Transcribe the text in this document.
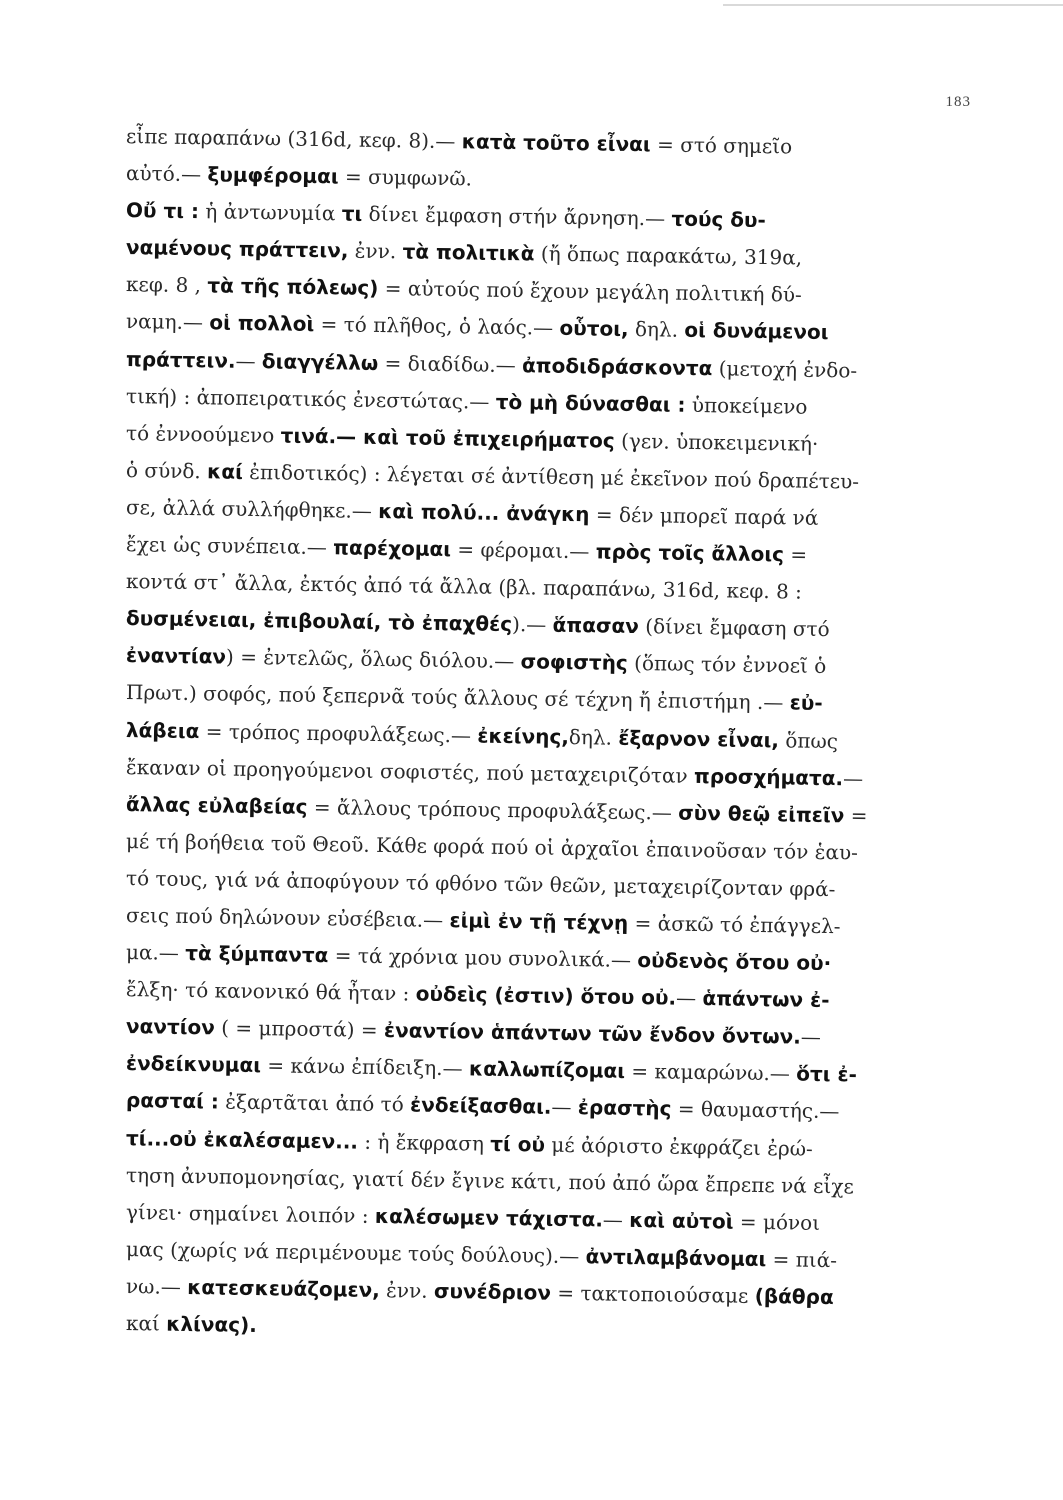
183
εἶπε παραπάνω (316d, κεφ. 8).— κατὰ τοῦτο εἶναι = στό σημεῖο
αὐτό.— ξυμφέρομαι = συμφωνῶ.
Οὔ τι : ἡ ἀντωνυμία τι δίνει ἔμφαση στήν ἄρνηση.— τούς δυ-
ναμένους πράττειν, ἐνν. τὰ πολιτικὰ (ἤ ὅπως παρακάτω, 319α,
κεφ. 8 , τὰ τῆς πόλεως) = αὐτούς πού ἔχουν μεγάλη πολιτική δύ-
ναμη.— οἱ πολλοὶ = τό πλῆθος, ὁ λαός.— οὗτοι, δηλ. οἱ δυνάμενοι
πράττειν.— διαγγέλλω = διαδίδω.— ἀποδιδράσκοντα (μετοχή ἐνδο-
τική) : ἀποπειρατικός ἐνεστώτας.— τὸ μὴ δύνασθαι : ὑποκείμενο
τό ἐννοούμενο τινά.— καὶ τοῦ ἐπιχειρήματος (γεν. ὑποκειμενική·
ὁ σύνδ. καί ἐπιδοτικός) : λέγεται σέ ἀντίθεση μέ ἐκεῖνον πού δραπέτευ-
σε, ἀλλά συλλήφθηκε.— καὶ πολύ... ἀνάγκη = δέν μπορεῖ παρά νά
ἔχει ὡς συνέπεια.— παρέχομαι = φέρομαι.— πρὸς τοῖς ἄλλοις =
κοντά στ᾽ ἄλλα, ἐκτός ἀπό τά ἄλλα (βλ. παραπάνω, 316d, κεφ. 8 :
δυσμένειαι, ἐπιβουλαί, τὸ ἐπαχθές).— ἅπασαν (δίνει ἔμφαση στό
ἐναντίαν) = ἐντελῶς, ὅλως διόλου.— σοφιστὴς (ὅπως τόν ἐννοεῖ ὁ
Πρωτ.) σοφός, πού ξεπερνᾶ τούς ἄλλους σέ τέχνη ἤ ἐπιστήμη .— εὐ-
λάβεια = τρόπος προφυλάξεως.— ἐκείνης,δηλ. ἔξαρνον εἶναι, ὅπως
ἔκαναν οἱ προηγούμενοι σοφιστές, πού μεταχειριζόταν προσχήματα.—
ἄλλας εὐλαβείας = ἄλλους τρόπους προφυλάξεως.— σὺν θεῷ εἰπεῖν =
μέ τή βοήθεια τοῦ Θεοῦ. Κάθε φορά πού οἱ ἀρχαῖοι ἐπαινοῦσαν τόν ἑαυ-
τό τους, γιά νά ἀποφύγουν τό φθόνο τῶν θεῶν, μεταχειρίζονταν φρά-
σεις πού δηλώνουν εὐσέβεια.— εἰμὶ ἐν τῇ τέχνῃ = ἀσκῶ τό ἐπάγγελ-
μα.— τὰ ξύμπαντα = τά χρόνια μου συνολικά.— οὐδενὸς ὅτου οὐ·
ἔλξη· τό κανονικό θά ἦταν : οὐδεὶς (ἐστιν) ὅτου οὐ.— ἁπάντων ἐ-
ναντίον ( = μπροστά) = ἐναντίον ἁπάντων τῶν ἔνδον ὄντων.—
ἐνδείκνυμαι = κάνω ἐπίδειξη.— καλλωπίζομαι = καμαρώνω.— ὅτι ἐ-
ρασταί : ἐξαρτᾶται ἀπό τό ἐνδείξασθαι.— ἐραστὴς = θαυμαστής.—
τί...οὐ ἐκαλέσαμεν... : ἡ ἔκφραση τί οὐ μέ ἀόριστο ἐκφράζει ἐρώ-
τηση ἀνυπομονησίας, γιατί δέν ἔγινε κάτι, πού ἀπό ὥρα ἔπρεπε νά εἶχε
γίνει· σημαίνει λοιπόν : καλέσωμεν τάχιστα.— καὶ αὐτοὶ = μόνοι
μας (χωρίς νά περιμένουμε τούς δούλους).— ἀντιλαμβάνομαι = πιά-
νω.— κατεσκευάζομεν, ἐνν. συνέδριον = τακτοποιούσαμε (βάθρα
καί κλίνας).
